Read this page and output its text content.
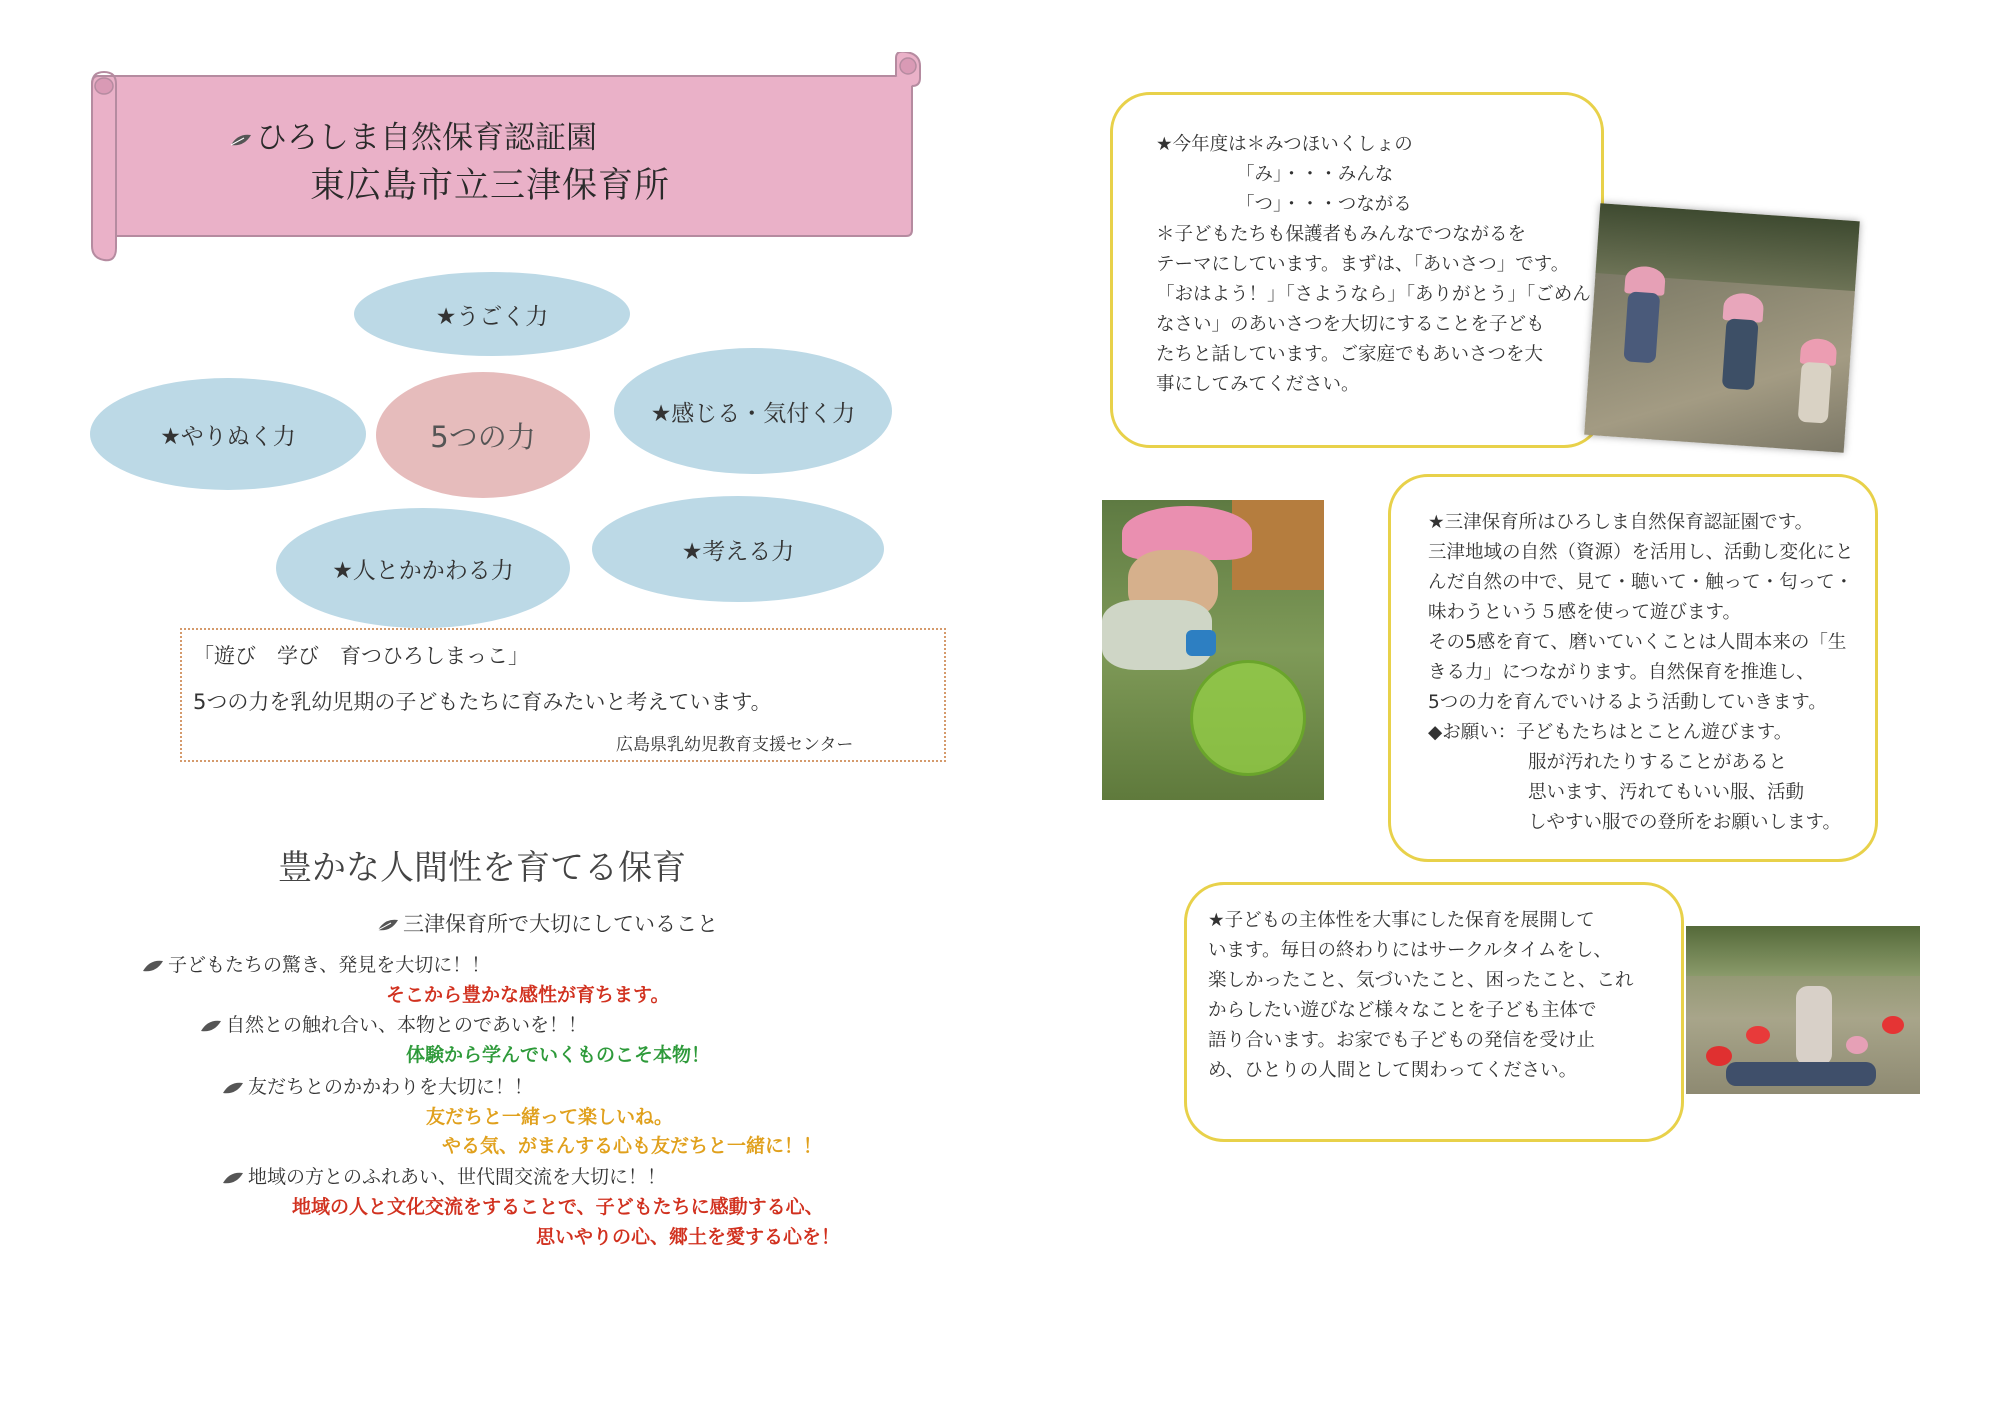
ひろしま自然保育認証園
東広島市立三津保育所
★うごく力
★やりぬく力	5つの力
★感じる・気付く力
★人とかかわる力
★考える力
「遊び　学び　育つひろしまっこ」
5つの力を乳幼児期の子どもたちに育みたいと考えています。
広島県乳幼児教育支援センター
豊かな人間性を育てる保育
三津保育所で大切にしていること
子どもたちの驚き、発見を大切に！！
そこから豊かな感性が育ちます。
自然との触れ合い、本物とのであいを！！
体験から学んでいくものこそ本物！
友だちとのかかわりを大切に！！
友だちと一緒って楽しいね。
やる気、がまんする心も友だちと一緒に！！
地域の方とのふれあい、世代間交流を大切に！！
地域の人と文化交流をすることで、子どもたちに感動する心、
思いやりの心、郷土を愛する心を！
★今年度は＊みつほいくしょの
「み」・・・みんな
「つ」・・・つながる
＊子どもたちも保護者もみんなでつながるを
テーマにしています。まずは、「あいさつ」です。
「おはよう！」「さようなら」「ありがとう」「ごめん
なさい」のあいさつを大切にすることを子ども
たちと話しています。ご家庭でもあいさつを大
事にしてみてください。
★三津保育所はひろしま自然保育認証園です。
三津地域の自然（資源）を活用し、活動し変化にと
んだ自然の中で、見て・聴いて・触って・匂って・
味わうという５感を使って遊びます。
その5感を育て、磨いていくことは人間本来の「生
きる力」につながります。自然保育を推進し、
5つの力を育んでいけるよう活動していきます。
◆お願い：子どもたちはとことん遊びます。
服が汚れたりすることがあると
思います、汚れてもいい服、活動
しやすい服での登所をお願いします。
★子どもの主体性を大事にした保育を展開して
います。毎日の終わりにはサークルタイムをし、
楽しかったこと、気づいたこと、困ったこと、これ
からしたい遊びなど様々なことを子ども主体で
語り合います。お家でも子どもの発信を受け止
め、ひとりの人間として関わってください。
